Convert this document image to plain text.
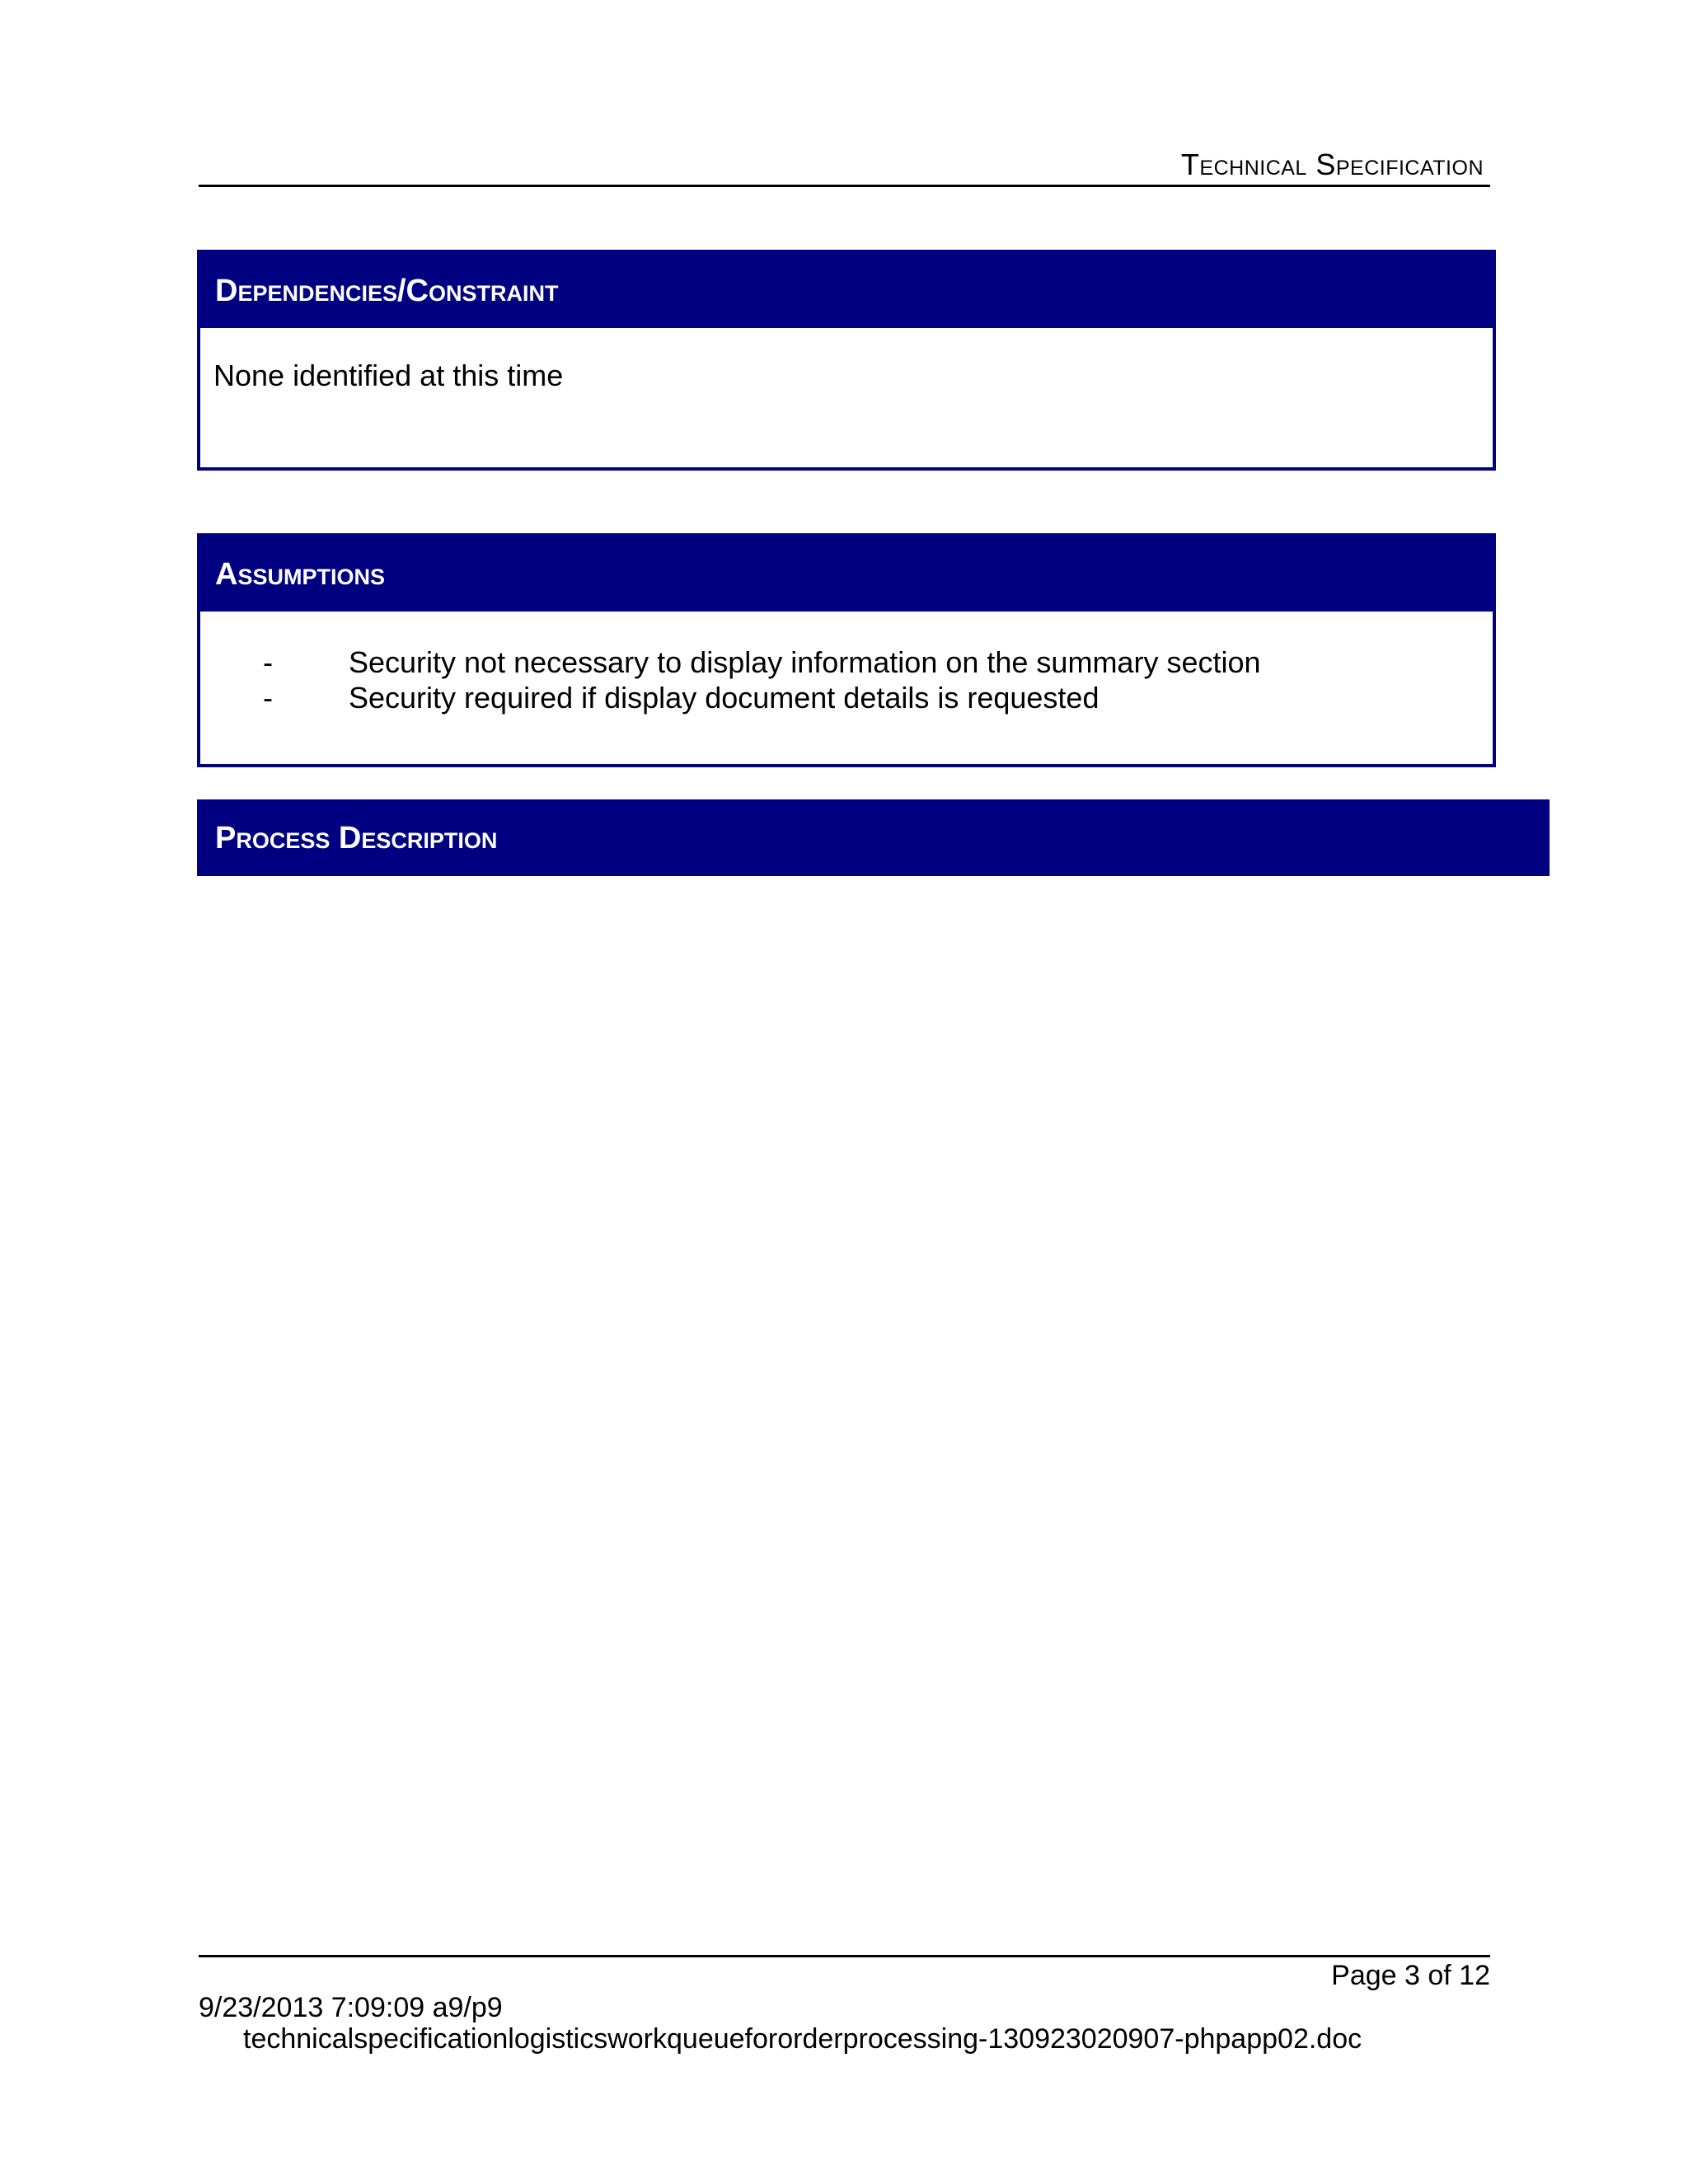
Technical Specification
Dependencies/Constraint
None identified at this time
Assumptions
-	Security not necessary to display information on the summary section
-	Security required if display document details is requested
Process Description
Page 3 of 12
9/23/2013 7:09:09 a9/p9
technicalspecificationlogisticsworkqueuefororderprocessing-130923020907-phpapp02.doc
